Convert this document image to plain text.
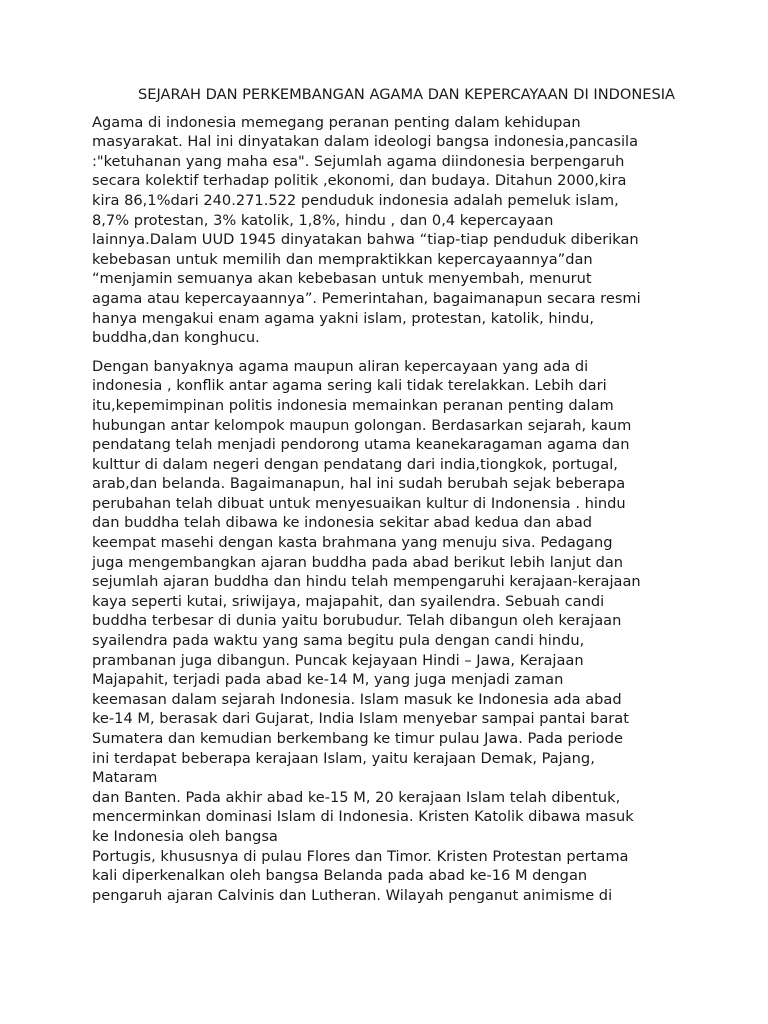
SEJARAH DAN PERKEMBANGAN AGAMA DAN KEPERCAYAAN DI INDONESIA

Agama di indonesia memegang peranan penting dalam kehidupan
masyarakat. Hal ini dinyatakan dalam ideologi bangsa indonesia,pancasila
:"ketuhanan yang maha esa". Sejumlah agama diindonesia berpengaruh
secara kolektif terhadap politik ,ekonomi, dan budaya. Ditahun 2000,kira
kira 86,1%dari 240.271.522 penduduk indonesia adalah pemeluk islam,
8,7% protestan, 3% katolik, 1,8%, hindu , dan 0,4 kepercayaan
lainnya.Dalam UUD 1945 dinyatakan bahwa “tiap-tiap penduduk diberikan
kebebasan untuk memilih dan mempraktikkan kepercayaannya”dan
“menjamin semuanya akan kebebasan untuk menyembah, menurut
agama atau kepercayaannya”. Pemerintahan, bagaimanapun secara resmi
hanya mengakui enam agama yakni islam, protestan, katolik, hindu,
buddha,dan konghucu.

Dengan banyaknya agama maupun aliran kepercayaan yang ada di
indonesia , konflik antar agama sering kali tidak terelakkan. Lebih dari
itu,kepemimpinan politis indonesia memainkan peranan penting dalam
hubungan antar kelompok maupun golongan. Berdasarkan sejarah, kaum
pendatang telah menjadi pendorong utama keanekaragaman agama dan
kulttur di dalam negeri dengan pendatang dari india,tiongkok, portugal,
arab,dan belanda. Bagaimanapun, hal ini sudah berubah sejak beberapa
perubahan telah dibuat untuk menyesuaikan kultur di Indonensia . hindu
dan buddha telah dibawa ke indonesia sekitar abad kedua dan abad
keempat masehi dengan kasta brahmana yang menuju siva. Pedagang
juga mengembangkan ajaran buddha pada abad berikut lebih lanjut dan
sejumlah ajaran buddha dan hindu telah mempengaruhi kerajaan-kerajaan
kaya seperti kutai, sriwijaya, majapahit, dan syailendra. Sebuah candi
buddha terbesar di dunia yaitu borubudur. Telah dibangun oleh kerajaan
syailendra pada waktu yang sama begitu pula dengan candi hindu,
prambanan juga dibangun. Puncak kejayaan Hindi – Jawa, Kerajaan
Majapahit, terjadi pada abad ke-14 M, yang juga menjadi zaman
keemasan dalam sejarah Indonesia. Islam masuk ke Indonesia ada abad
ke-14 M, berasak dari Gujarat, India Islam menyebar sampai pantai barat
Sumatera dan kemudian berkembang ke timur pulau Jawa. Pada periode
ini terdapat beberapa kerajaan Islam, yaitu kerajaan Demak, Pajang,
Mataram
dan Banten. Pada akhir abad ke-15 M, 20 kerajaan Islam telah dibentuk,
mencerminkan dominasi Islam di Indonesia. Kristen Katolik dibawa masuk
ke Indonesia oleh bangsa
Portugis, khususnya di pulau Flores dan Timor. Kristen Protestan pertama
kali diperkenalkan oleh bangsa Belanda pada abad ke-16 M dengan
pengaruh ajaran Calvinis dan Lutheran. Wilayah penganut animisme di
